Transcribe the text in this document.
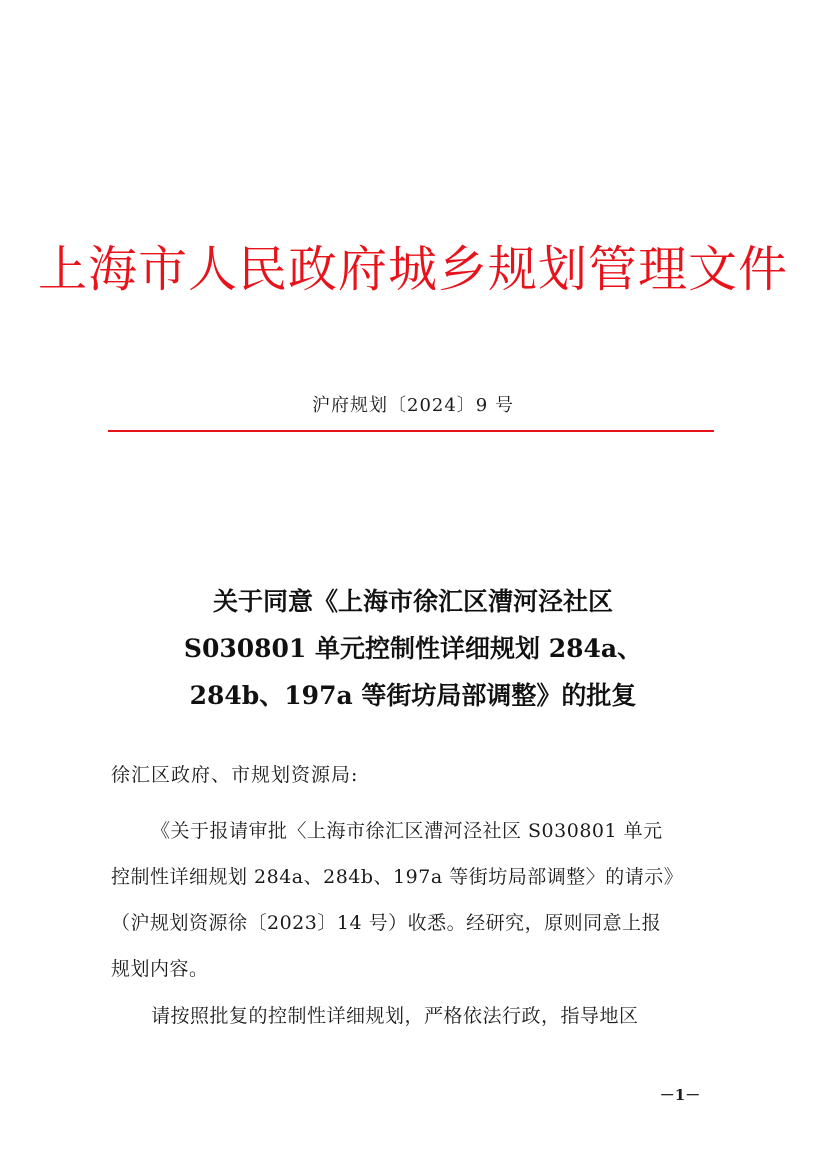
上海市人民政府城乡规划管理文件
沪府规划〔2024〕9 号
关于同意《上海市徐汇区漕河泾社区
S030801 单元控制性详细规划 284a、
284b、197a 等街坊局部调整》的批复
徐汇区政府、市规划资源局:
《关于报请审批〈上海市徐汇区漕河泾社区 S030801 单元
控制性详细规划 284a、284b、197a 等街坊局部调整〉的请示》
（沪规划资源徐〔2023〕14 号）收悉。经研究，原则同意上报
规划内容。
请按照批复的控制性详细规划，严格依法行政，指导地区
－1－
